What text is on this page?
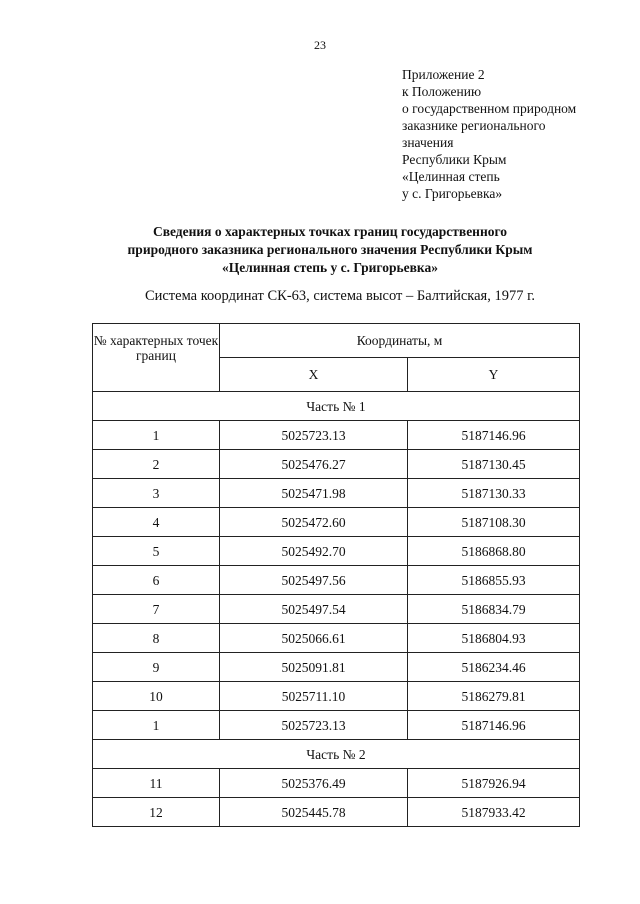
23
Приложение 2
к Положению
о государственном природном
заказнике регионального
значения
Республики Крым
«Целинная степь
у с. Григорьевка»
Сведения о характерных точках границ государственного
природного заказника регионального значения Республики Крым
«Целинная степь у с. Григорьевка»
Система координат СК-63, система высот – Балтийская, 1977 г.
№ характерных точек границ	Координаты, м	
	X	Y
Часть № 1		
1	5025723.13	5187146.96
2	5025476.27	5187130.45
3	5025471.98	5187130.33
4	5025472.60	5187108.30
5	5025492.70	5186868.80
6	5025497.56	5186855.93
7	5025497.54	5186834.79
8	5025066.61	5186804.93
9	5025091.81	5186234.46
10	5025711.10	5186279.81
1	5025723.13	5187146.96
Часть № 2		
11	5025376.49	5187926.94
12	5025445.78	5187933.42
